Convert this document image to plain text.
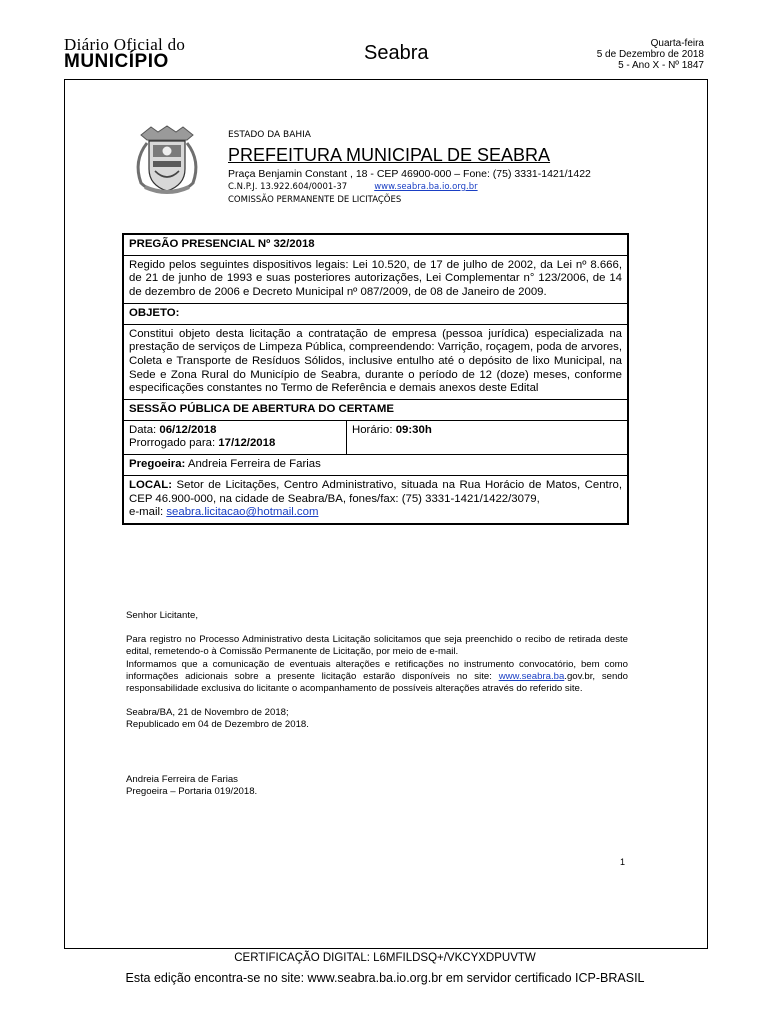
Diário Oficial do
MUNICÍPIO	Seabra	Quarta-feira
5 de Dezembro de 2018
5 - Ano X - Nº 1847
ESTADO DA BAHIA
PREFEITURA MUNICIPAL DE SEABRA
Praça Benjamin Constant , 18 - CEP 46900-000 – Fone: (75) 3331-1421/1422
C.N.P.J. 13.922.604/0001-37	www.seabra.ba.io.org.br
COMISSÃO PERMANENTE DE LICITAÇÕES
PREGÃO PRESENCIAL Nº 32/2018
Regido pelos seguintes dispositivos legais: Lei 10.520, de 17 de julho de 2002, da Lei nº 8.666, de 21 de junho de 1993 e suas posteriores autorizações, Lei Complementar n° 123/2006, de 14 de dezembro de 2006 e Decreto Municipal nº 087/2009, de 08 de Janeiro de 2009.
OBJETO:
Constitui objeto desta licitação a contratação de empresa (pessoa jurídica) especializada na prestação de serviços de Limpeza Pública, compreendendo: Varrição, roçagem, poda de arvores, Coleta e Transporte de Resíduos Sólidos, inclusive entulho até o depósito de lixo Municipal, na Sede e Zona Rural do Município de Seabra, durante o período de 12 (doze) meses, conforme especificações constantes no Termo de Referência e demais anexos deste Edital
SESSÃO PÚBLICA DE ABERTURA DO CERTAME
Data: 06/12/2018
Prorrogado para: 17/12/2018
Horário: 09:30h
Pregoeira: Andreia Ferreira de Farias
LOCAL: Setor de Licitações, Centro Administrativo, situada na Rua Horácio de Matos, Centro, CEP 46.900-000, na cidade de Seabra/BA, fones/fax: (75) 3331-1421/1422/3079,
e-mail: seabra.licitacao@hotmail.com

Senhor Licitante,

Para registro no Processo Administrativo desta Licitação solicitamos que seja preenchido o recibo de retirada deste edital, remetendo-o à Comissão Permanente de Licitação, por meio de e-mail.

Informamos que a comunicação de eventuais alterações e retificações no instrumento convocatório, bem como informações adicionais sobre a presente licitação estarão disponíveis no site: www.seabra.ba.gov.br, sendo responsabilidade exclusiva do licitante o acompanhamento de possíveis alterações através do referido site.

Seabra/BA, 21 de Novembro de 2018;

Republicado em 04 de Dezembro de 2018.

Andreia Ferreira de Farias

Pregoeira – Portaria 019/2018.

1
CERTIFICAÇÃO DIGITAL: L6MFILDSQ+/VKCYXDPUVTW
Esta edição encontra-se no site: www.seabra.ba.io.org.br em servidor certificado ICP-BRASIL
